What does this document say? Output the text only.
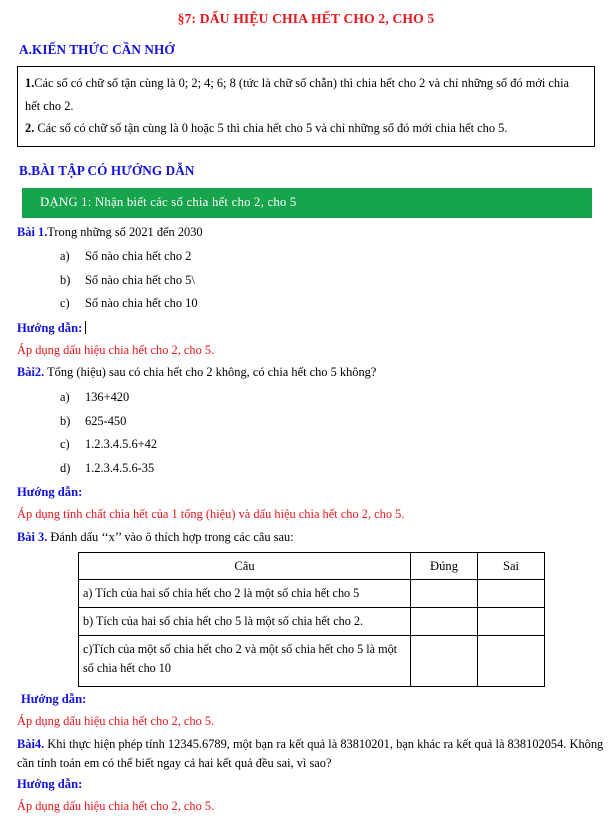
§7: DẤU HIỆU CHIA HẾT CHO 2, CHO 5
A.KIẾN THỨC CẦN NHỚ

1.Các số có chữ số tận cùng là 0; 2; 4; 6; 8 (tức là chữ số chẵn) thì chia hết cho 2 và chỉ những số đó mới chia hết cho 2.

2. Các số có chữ số tận cùng là 0 hoặc 5 thì chia hết cho 5 và chỉ những số đó mới chia hết cho 5.

B.BÀI TẬP CÓ HƯỚNG DẪN
DẠNG 1: Nhận biết các số chia hết cho 2, cho 5
Bài 1.Trong những số 2021 đến 2030
a)	Số nào chia hết cho 2
b)	Số nào chia hết cho 5\
c)	Số nào chia hết cho 10
Hướng dẫn:
Áp dụng dấu hiệu chia hết cho 2, cho 5.
Bài2. Tổng (hiệu) sau có chia hết cho 2 không, có chia hết cho 5 không?
a)	136+420
b)	625-450
c)	1.2.3.4.5.6+42
d)	1.2.3.4.5.6-35
Hướng dẫn:
Áp dụng tính chất chia hết của 1 tổng (hiệu) và dấu hiệu chia hết cho 2, cho 5.
Bài 3. Đánh dấu ‘‘x’’ vào ô thích hợp trong các câu sau:
Câu	Đúng	Sai
a) Tích của hai số chia hết cho 2 là một số chia hết cho 5		
b) Tích của hai số chia hết cho 5 là một số chia hết cho 2.		
c)Tích của một số chia hết cho 2 và một số chia hết cho 5 là một số chia hết cho 10		
Hướng dẫn:
Áp dụng dấu hiệu chia hết cho 2, cho 5.
Bài4. Khi thực hiện phép tính 12345.6789, một bạn ra kết quả là 83810201, bạn khác ra kết quả là 838102054. Không cần tính toán em có thể biết ngay cả hai kết quả đều sai, vì sao?
Hướng dẫn:
Áp dụng dấu hiệu chia hết cho 2, cho 5.
